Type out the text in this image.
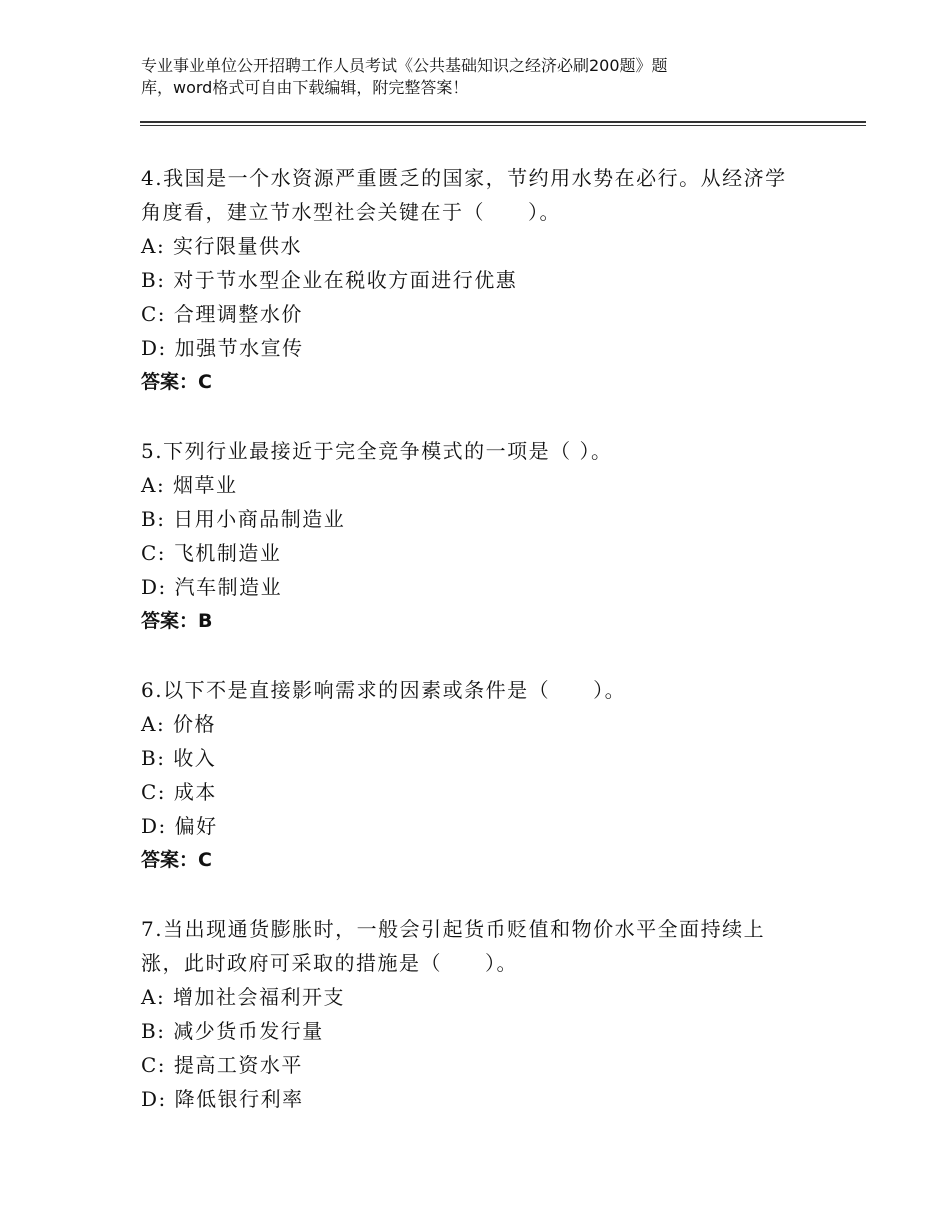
专业事业单位公开招聘工作人员考试《公共基础知识之经济必刷200题》题
库，word格式可自由下载编辑，附完整答案！
4.我国是一个水资源严重匮乏的国家，节约用水势在必行。从经济学
角度看，建立节水型社会关键在于（　　）。
A: 实行限量供水
B: 对于节水型企业在税收方面进行优惠
C: 合理调整水价
D: 加强节水宣传
答案：C
5.下列行业最接近于完全竞争模式的一项是（ ）。
A: 烟草业
B: 日用小商品制造业
C: 飞机制造业
D: 汽车制造业
答案：B
6.以下不是直接影响需求的因素或条件是（　　）。
A: 价格
B: 收入
C: 成本
D: 偏好
答案：C
7.当出现通货膨胀时，一般会引起货币贬值和物价水平全面持续上
涨，此时政府可采取的措施是（　　）。
A: 增加社会福利开支
B: 减少货币发行量
C: 提高工资水平
D: 降低银行利率
